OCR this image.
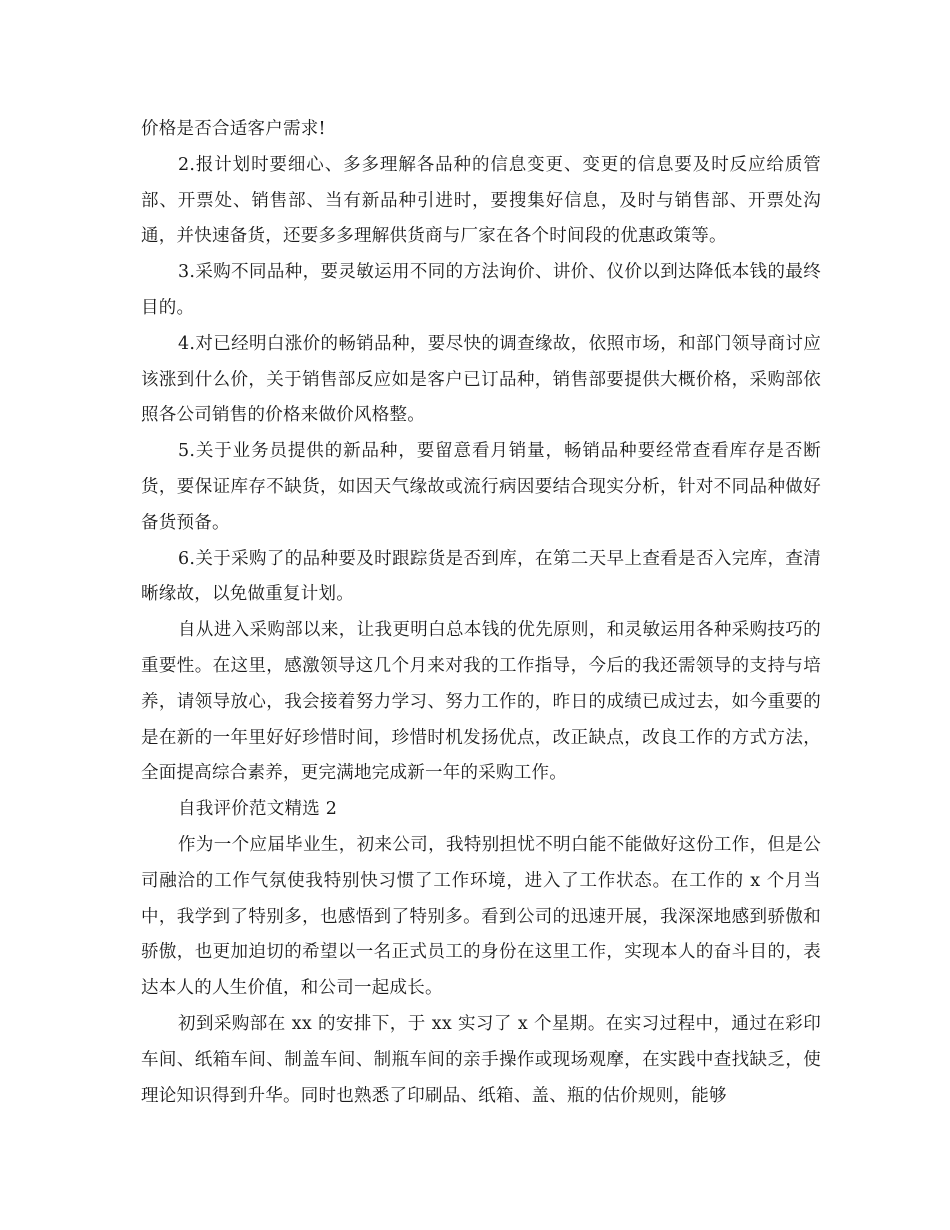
价格是否合适客户需求!

2.报计划时要细心、多多理解各品种的信息变更、变更的信息要及时反应给质管部、开票处、销售部、当有新品种引进时，要搜集好信息，及时与销售部、开票处沟通，并快速备货，还要多多理解供货商与厂家在各个时间段的优惠政策等。

3.采购不同品种，要灵敏运用不同的方法询价、讲价、仪价以到达降低本钱的最终目的。

4.对已经明白涨价的畅销品种，要尽快的调查缘故，依照市场，和部门领导商讨应该涨到什么价，关于销售部反应如是客户已订品种，销售部要提供大概价格，采购部依照各公司销售的价格来做价风格整。

5.关于业务员提供的新品种，要留意看月销量，畅销品种要经常查看库存是否断货，要保证库存不缺货，如因天气缘故或流行病因要结合现实分析，针对不同品种做好备货预备。

6.关于采购了的品种要及时跟踪货是否到库，在第二天早上查看是否入完库，查清晰缘故，以免做重复计划。

自从进入采购部以来，让我更明白总本钱的优先原则，和灵敏运用各种采购技巧的重要性。在这里，感激领导这几个月来对我的工作指导，今后的我还需领导的支持与培养，请领导放心，我会接着努力学习、努力工作的，昨日的成绩已成过去，如今重要的是在新的一年里好好珍惜时间，珍惜时机发扬优点，改正缺点，改良工作的方式方法，全面提高综合素养，更完满地完成新一年的采购工作。

自我评价范文精选 2

作为一个应届毕业生，初来公司，我特别担忧不明白能不能做好这份工作，但是公司融洽的工作气氛使我特别快习惯了工作环境，进入了工作状态。在工作的 x 个月当中，我学到了特别多，也感悟到了特别多。看到公司的迅速开展，我深深地感到骄傲和骄傲，也更加迫切的希望以一名正式员工的身份在这里工作，实现本人的奋斗目的，表达本人的人生价值，和公司一起成长。

初到采购部在 xx 的安排下，于 xx 实习了 x 个星期。在实习过程中，通过在彩印车间、纸箱车间、制盖车间、制瓶车间的亲手操作或现场观摩，在实践中查找缺乏，使理论知识得到升华。同时也熟悉了印刷品、纸箱、盖、瓶的估价规则，能够
